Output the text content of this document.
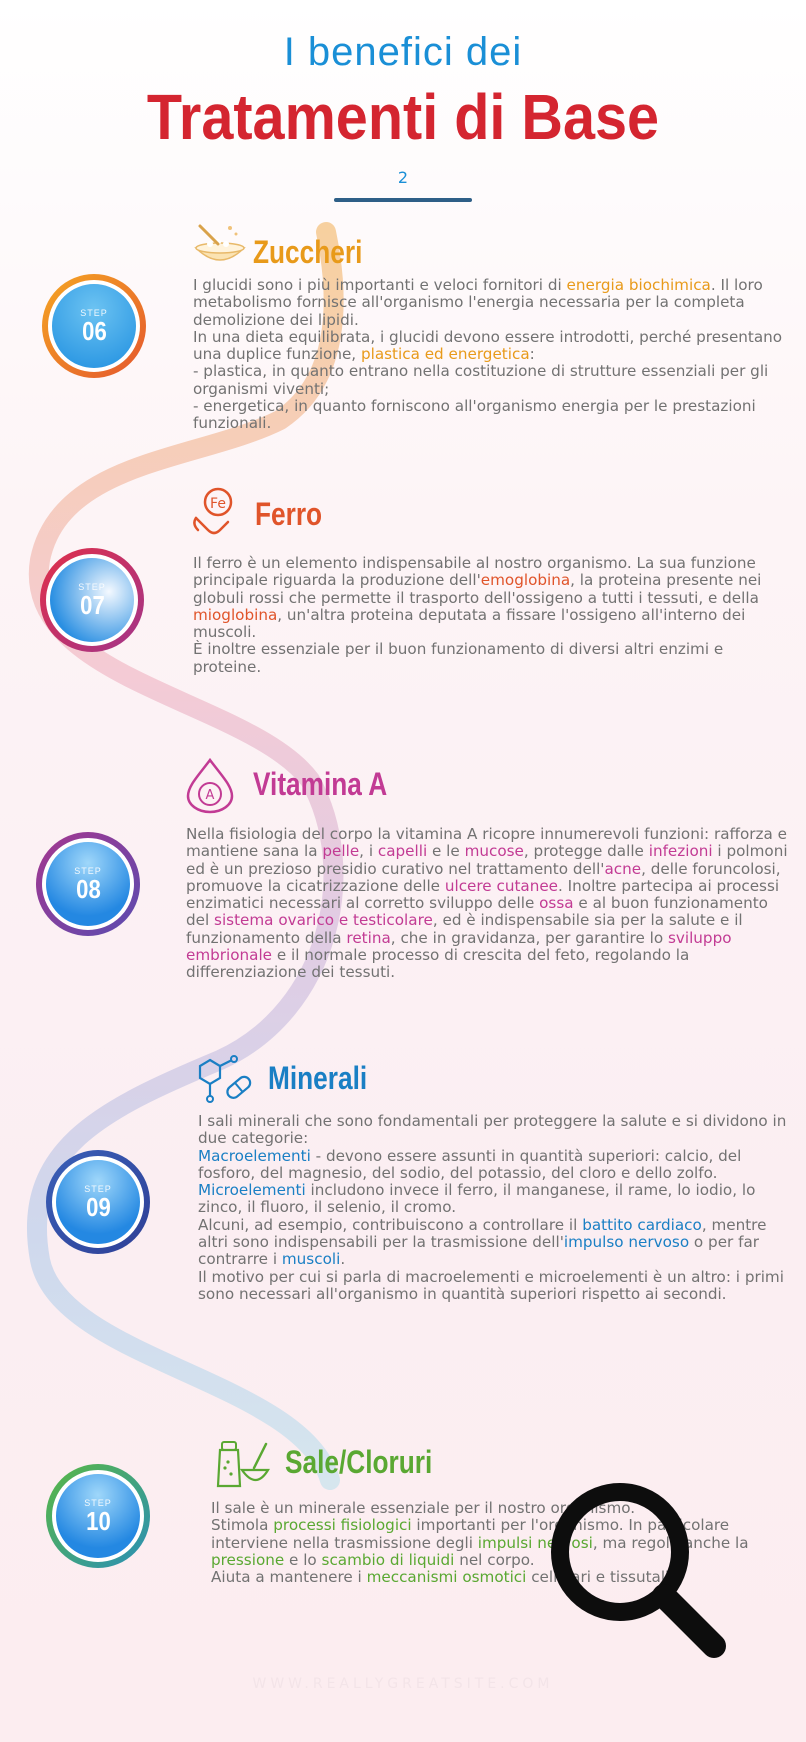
I benefici dei
Tratamenti di Base
2
STEP
06
Zuccheri

I glucidi sono i più importanti e veloci fornitori di energia biochimica. Il loro metabolismo fornisce all'organismo l'energia necessaria per la completa demolizione dei lipidi.

In una dieta equilibrata, i glucidi devono essere introdotti, perché presentano una duplice funzione, plastica ed energetica:

- plastica, in quanto entrano nella costituzione di strutture essenziali per gli organismi viventi;

- energetica, in quanto forniscono all'organismo energia per le prestazioni funzionali.

STEP
07
Fe Ferro

Il ferro è un elemento indispensabile al nostro organismo. La sua funzione principale riguarda la produzione dell'emoglobina, la proteina presente nei globuli rossi che permette il trasporto dell'ossigeno a tutti i tessuti, e della mioglobina, un'altra proteina deputata a fissare l'ossigeno all'interno dei muscoli.

È inoltre essenziale per il buon funzionamento di diversi altri enzimi e proteine.

STEP
08
A Vitamina A

Nella fisiologia del corpo la vitamina A ricopre innumerevoli funzioni: rafforza e mantiene sana la pelle, i capelli e le mucose, protegge dalle infezioni i polmoni ed è un prezioso presidio curativo nel trattamento dell'acne, delle foruncolosi, promuove la cicatrizzazione delle ulcere cutanee. Inoltre partecipa ai processi enzimatici necessari al corretto sviluppo delle ossa e al buon funzionamento del sistema ovarico e testicolare, ed è indispensabile sia per la salute e il funzionamento della retina, che in gravidanza, per garantire lo sviluppo embrionale e il normale processo di crescita del feto, regolando la differenziazione dei tessuti.

STEP
09
Minerali

I sali minerali che sono fondamentali per proteggere la salute e si dividono in due categorie:

Macroelementi - devono essere assunti in quantità superiori: calcio, del fosforo, del magnesio, del sodio, del potassio, del cloro e dello zolfo.

Microelementi includono invece il ferro, il manganese, il rame, lo iodio, lo zinco, il fluoro, il selenio, il cromo.

Alcuni, ad esempio, contribuiscono a controllare il battito cardiaco, mentre altri sono indispensabili per la trasmissione dell'impulso nervoso o per far contrarre i muscoli.

Il motivo per cui si parla di macroelementi e microelementi è un altro: i primi sono necessari all'organismo in quantità superiori rispetto ai secondi.

STEP
10
Sale/Cloruri

Il sale è un minerale essenziale per il nostro organismo.

Stimola processi fisiologici importanti per l'organismo. In particolare interviene nella trasmissione degli impulsi nervosi, ma regola anche la pressione e lo scambio di liquidi nel corpo.

Aiuta a mantenere i meccanismi osmotici cellulari e tissutali.

WWW.REALLYGREATSITE.COM
